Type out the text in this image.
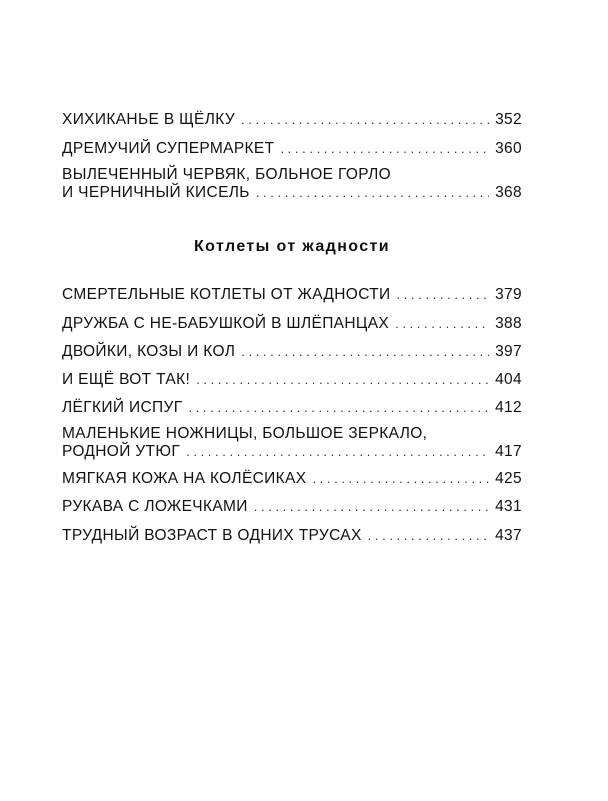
ХИХИКАНЬЕ В ЩЁЛКУ . . .	352
ДРЕМУЧИЙ СУПЕРМАРКЕТ . . .	360
ВЫЛЕЧЕННЫЙ ЧЕРВЯК, БОЛЬНОЕ ГОРЛО
И ЧЕРНИЧНЫЙ КИСЕЛЬ . . .	368
Котлеты от жадности
СМЕРТЕЛЬНЫЕ КОТЛЕТЫ ОТ ЖАДНОСТИ . . .	379
ДРУЖБА С НЕ-БАБУШКОЙ В ШЛЁПАНЦАХ . . .	388
ДВОЙКИ, КОЗЫ И КОЛ . . .	397
И ЕЩЁ ВОТ ТАК! . . .	404
ЛЁГКИЙ ИСПУГ . . .	412
МАЛЕНЬКИЕ НОЖНИЦЫ, БОЛЬШОЕ ЗЕРКАЛО,
РОДНОЙ УТЮГ . . .	417
МЯГКАЯ КОЖА НА КОЛЁСИКАХ . . .	425
РУКАВА С ЛОЖЕЧКАМИ . . .	431
ТРУДНЫЙ ВОЗРАСТ В ОДНИХ ТРУСАХ . . .	437
